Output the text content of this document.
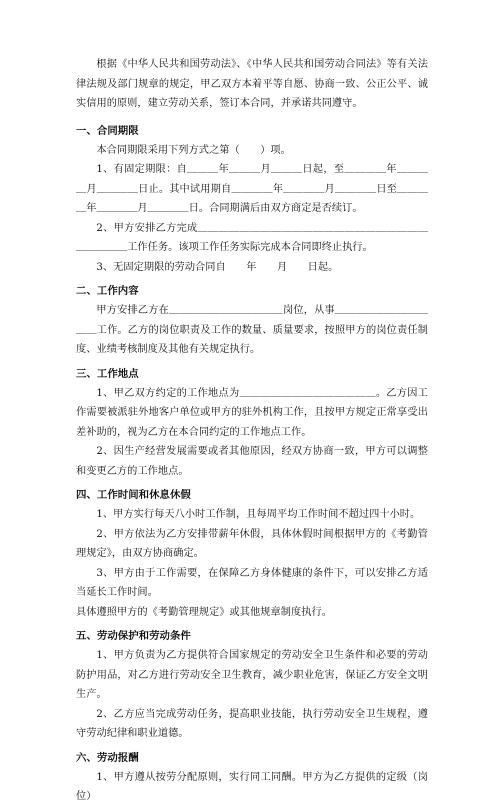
根据《中华人民共和国劳动法》、《中华人民共和国劳动合同法》等有关法律法规及部门规章的规定，甲乙双方本着平等自愿、协商一致、公正公平、诚实信用的原则，建立劳动关系，签订本合同，并承诺共同遵守。

一、合同期限

本合同期限采用下列方式之第（　　）项。

1、有固定期限：自＿＿＿年＿＿＿月＿＿＿日起，至＿＿＿＿年＿＿＿＿月＿＿＿＿日止。其中试用期自＿＿＿＿年＿＿＿＿月＿＿＿＿日至＿＿＿＿年＿＿＿＿月＿＿＿＿日。合同期满后由双方商定是否续订。

2、甲方安排乙方完成＿＿＿＿＿＿＿＿＿＿＿＿＿＿＿＿＿＿＿＿＿＿＿＿＿＿＿工作任务。该项工作任务实际完成本合同即终止执行。

3、无固定期限的劳动合同自　　年　　月　　日起。

二、工作内容

甲方安排乙方在＿＿＿＿＿＿＿＿＿＿＿岗位，从事＿＿＿＿＿＿＿＿＿＿＿工作。乙方的岗位职责及工作的数量、质量要求，按照甲方的岗位责任制度、业绩考核制度及其他有关规定执行。

三、工作地点

1、甲乙双方约定的工作地点为＿＿＿＿＿＿＿＿＿＿＿＿＿。乙方因工作需要被派驻外地客户单位或甲方的驻外机构工作，且按甲方规定正常享受出差补助的，视为乙方在本合同约定的工作地点工作。

2、因生产经营发展需要或者其他原因，经双方协商一致，甲方可以调整和变更乙方的工作地点。

四、工作时间和休息休假

1、甲方实行每天八小时工作制，且每周平均工作时间不超过四十小时。

2、甲方依法为乙方安排带薪年休假，具体休假时间根据甲方的《考勤管理规定》，由双方协商确定。

3、甲方由于工作需要，在保障乙方身体健康的条件下，可以安排乙方适当延长工作时间。

具体遵照甲方的《考勤管理规定》或其他规章制度执行。

五、劳动保护和劳动条件

1、甲方负责为乙方提供符合国家规定的劳动安全卫生条件和必要的劳动防护用品，对乙方进行劳动安全卫生教育，减少职业危害，保证乙方安全文明生产。

2、乙方应当完成劳动任务，提高职业技能，执行劳动安全卫生规程，遵守劳动纪律和职业道德。

六、劳动报酬

1、甲方遵从按劳分配原则，实行同工同酬。甲方为乙方提供的定级（岗位）
